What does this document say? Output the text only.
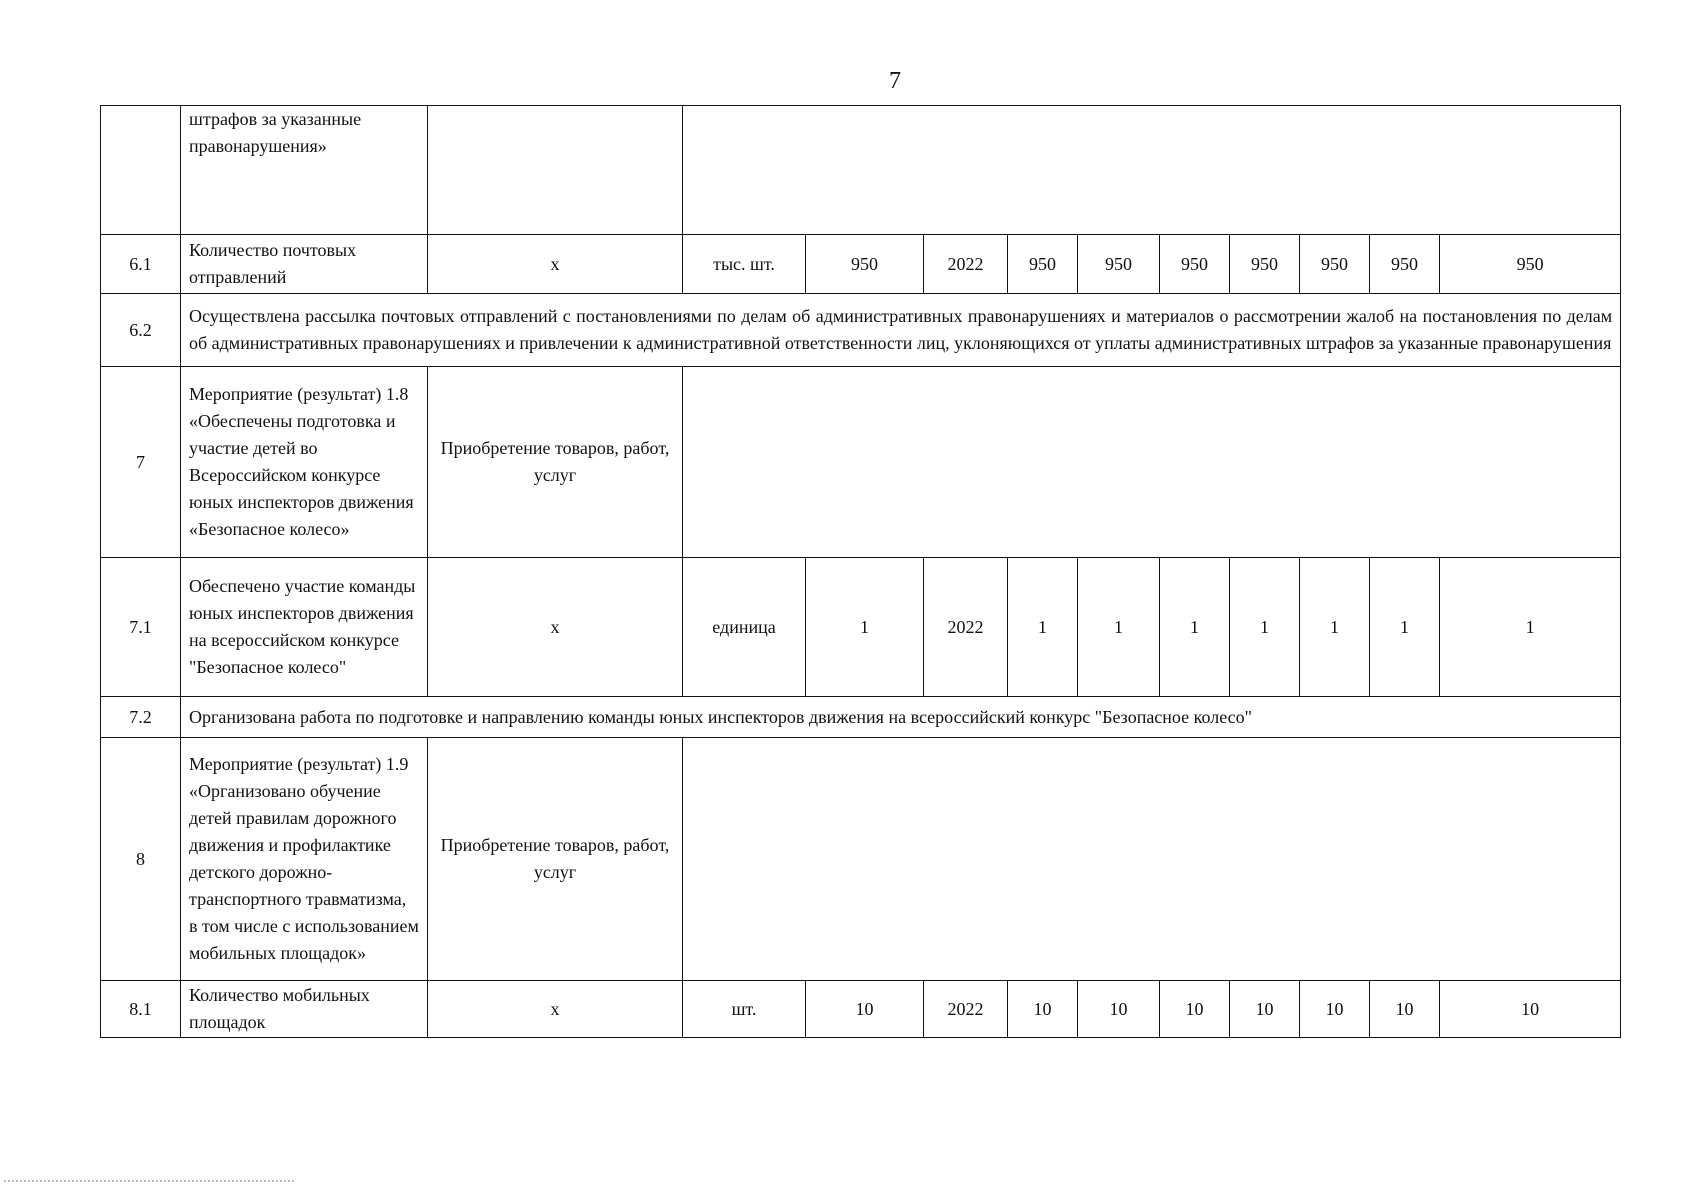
7
	штрафов за указанные правонарушения»											
6.1	Количество почтовых отправлений	x	тыс. шт.	950	2022	950	950	950	950	950	950	950
6.2	Осуществлена рассылка почтовых отправлений с постановлениями по делам об административных правонарушениях и материалов о рассмотрении жалоб на постановления по делам об административных правонарушениях и привлечении к административной ответственности лиц, уклоняющихся от уплаты административных штрафов за указанные правонарушения											
7	Мероприятие (результат) 1.8 «Обеспечены подготовка и участие детей во Всероссийском конкурсе юных инспекторов движения «Безопасное колесо»	Приобретение товаров, работ, услуг										
7.1	Обеспечено участие команды юных инспекторов движения на всероссийском конкурсе "Безопасное колесо"	x	единица	1	2022	1	1	1	1	1	1	1
7.2	Организована работа по подготовке и направлению команды юных инспекторов движения на всероссийский конкурс "Безопасное колесо"											
8	Мероприятие (результат) 1.9 «Организовано обучение детей правилам дорожного движения и профилактике детского дорожно-транспортного травматизма, в том числе с использованием мобильных площадок»	Приобретение товаров, работ, услуг										
8.1	Количество мобильных площадок	x	шт.	10	2022	10	10	10	10	10	10	10
